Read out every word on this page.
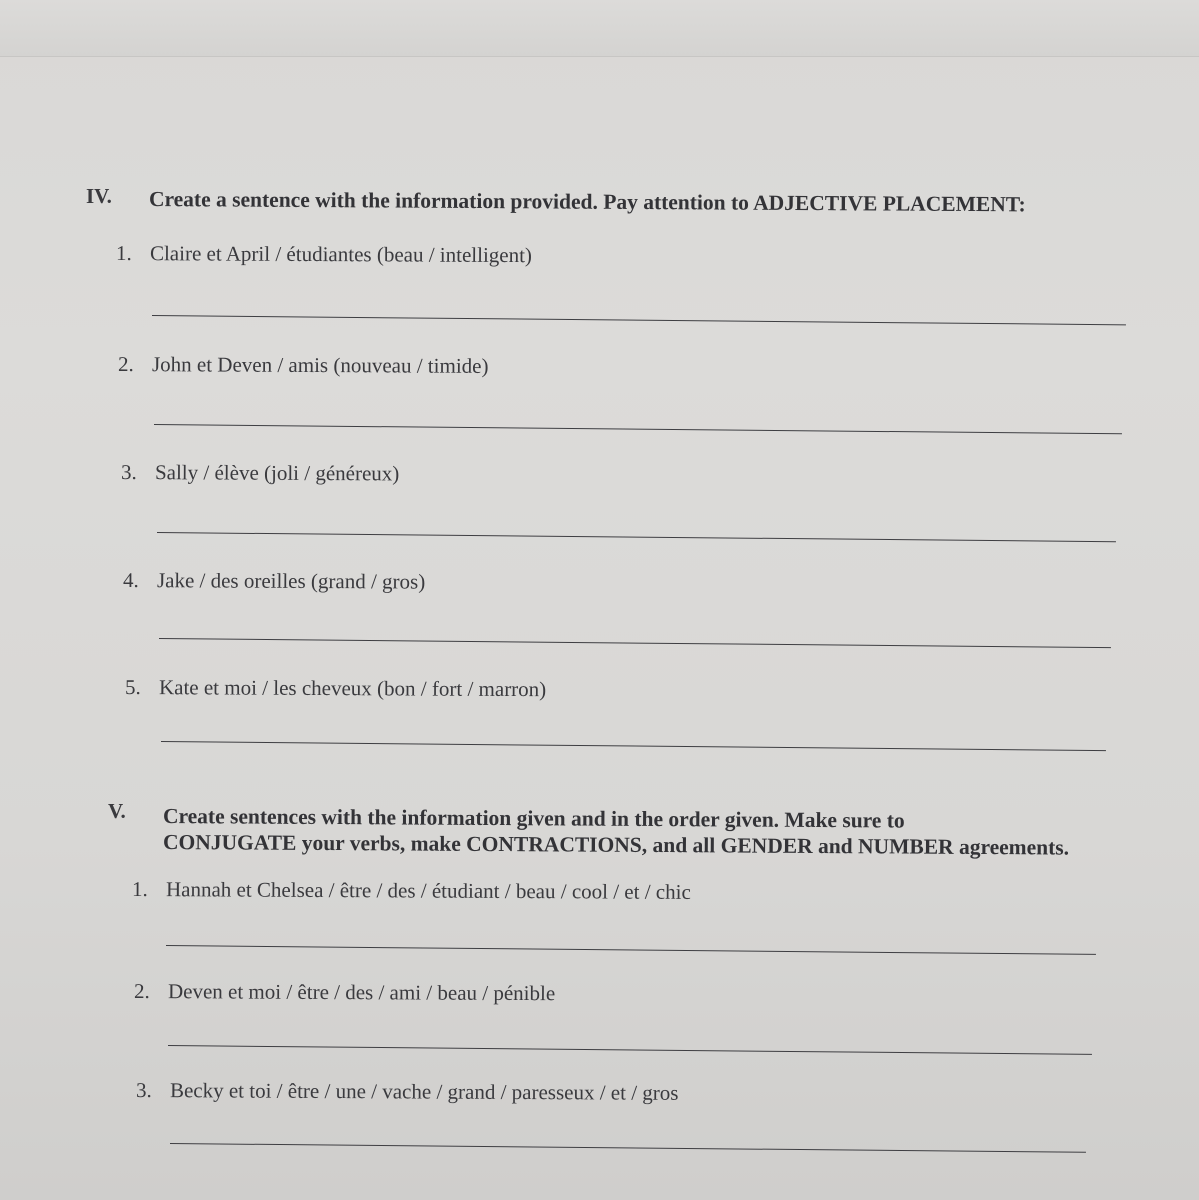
IV. Create a sentence with the information provided. Pay attention to ADJECTIVE PLACEMENT:
1. Claire et April / étudiantes (beau / intelligent)
2. John et Deven / amis (nouveau / timide)
3. Sally / élève (joli / généreux)
4. Jake / des oreilles (grand / gros)
5. Kate et moi / les cheveux (bon / fort / marron)
V. Create sentences with the information given and in the order given. Make sure to
CONJUGATE your verbs, make CONTRACTIONS, and all GENDER and NUMBER agreements.
1. Hannah et Chelsea / être / des / étudiant / beau / cool / et / chic
2. Deven et moi / être / des / ami / beau / pénible
3. Becky et toi / être / une / vache / grand / paresseux / et / gros
